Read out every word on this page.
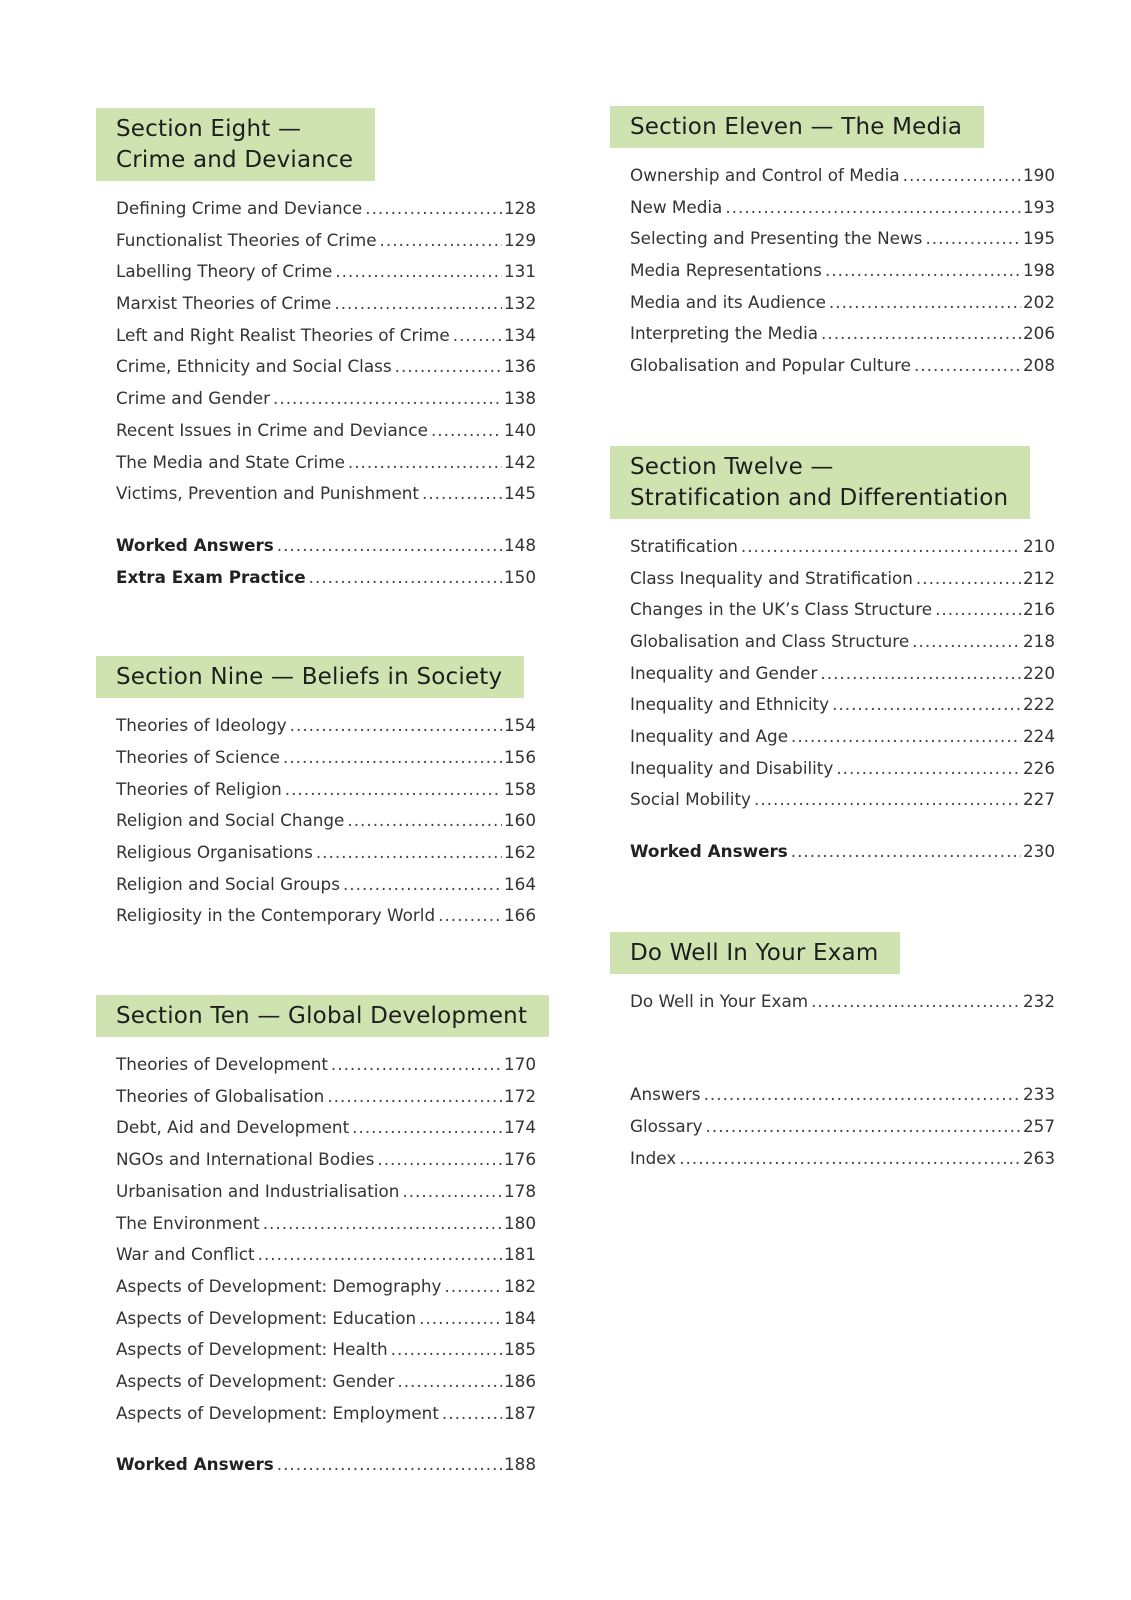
Section Eight —
Crime and Deviance
Defining Crime and Deviance .....	128
Functionalist Theories of Crime .....	129
Labelling Theory of Crime .....	131
Marxist Theories of Crime .....	132
Left and Right Realist Theories of Crime .....	134
Crime, Ethnicity and Social Class .....	136
Crime and Gender .....	138
Recent Issues in Crime and Deviance .....	140
The Media and State Crime .....	142
Victims, Prevention and Punishment .....	145
Worked Answers .....	148
Extra Exam Practice .....	150
Section Nine — Beliefs in Society
Theories of Ideology .....	154
Theories of Science .....	156
Theories of Religion .....	158
Religion and Social Change .....	160
Religious Organisations .....	162
Religion and Social Groups .....	164
Religiosity in the Contemporary World .....	166
Section Ten — Global Development
Theories of Development .....	170
Theories of Globalisation .....	172
Debt, Aid and Development .....	174
NGOs and International Bodies .....	176
Urbanisation and Industrialisation .....	178
The Environment .....	180
War and Conflict .....	181
Aspects of Development: Demography .....	182
Aspects of Development: Education .....	184
Aspects of Development: Health .....	185
Aspects of Development: Gender .....	186
Aspects of Development: Employment .....	187
Worked Answers .....	188
Section Eleven — The Media
Ownership and Control of Media .....	190
New Media .....	193
Selecting and Presenting the News .....	195
Media Representations .....	198
Media and its Audience .....	202
Interpreting the Media .....	206
Globalisation and Popular Culture .....	208
Section Twelve —
Stratification and Differentiation
Stratification .....	210
Class Inequality and Stratification .....	212
Changes in the UK’s Class Structure .....	216
Globalisation and Class Structure .....	218
Inequality and Gender .....	220
Inequality and Ethnicity .....	222
Inequality and Age .....	224
Inequality and Disability .....	226
Social Mobility .....	227
Worked Answers .....	230
Do Well In Your Exam
Do Well in Your Exam .....	232
Answers .....	233
Glossary .....	257
Index .....	263
